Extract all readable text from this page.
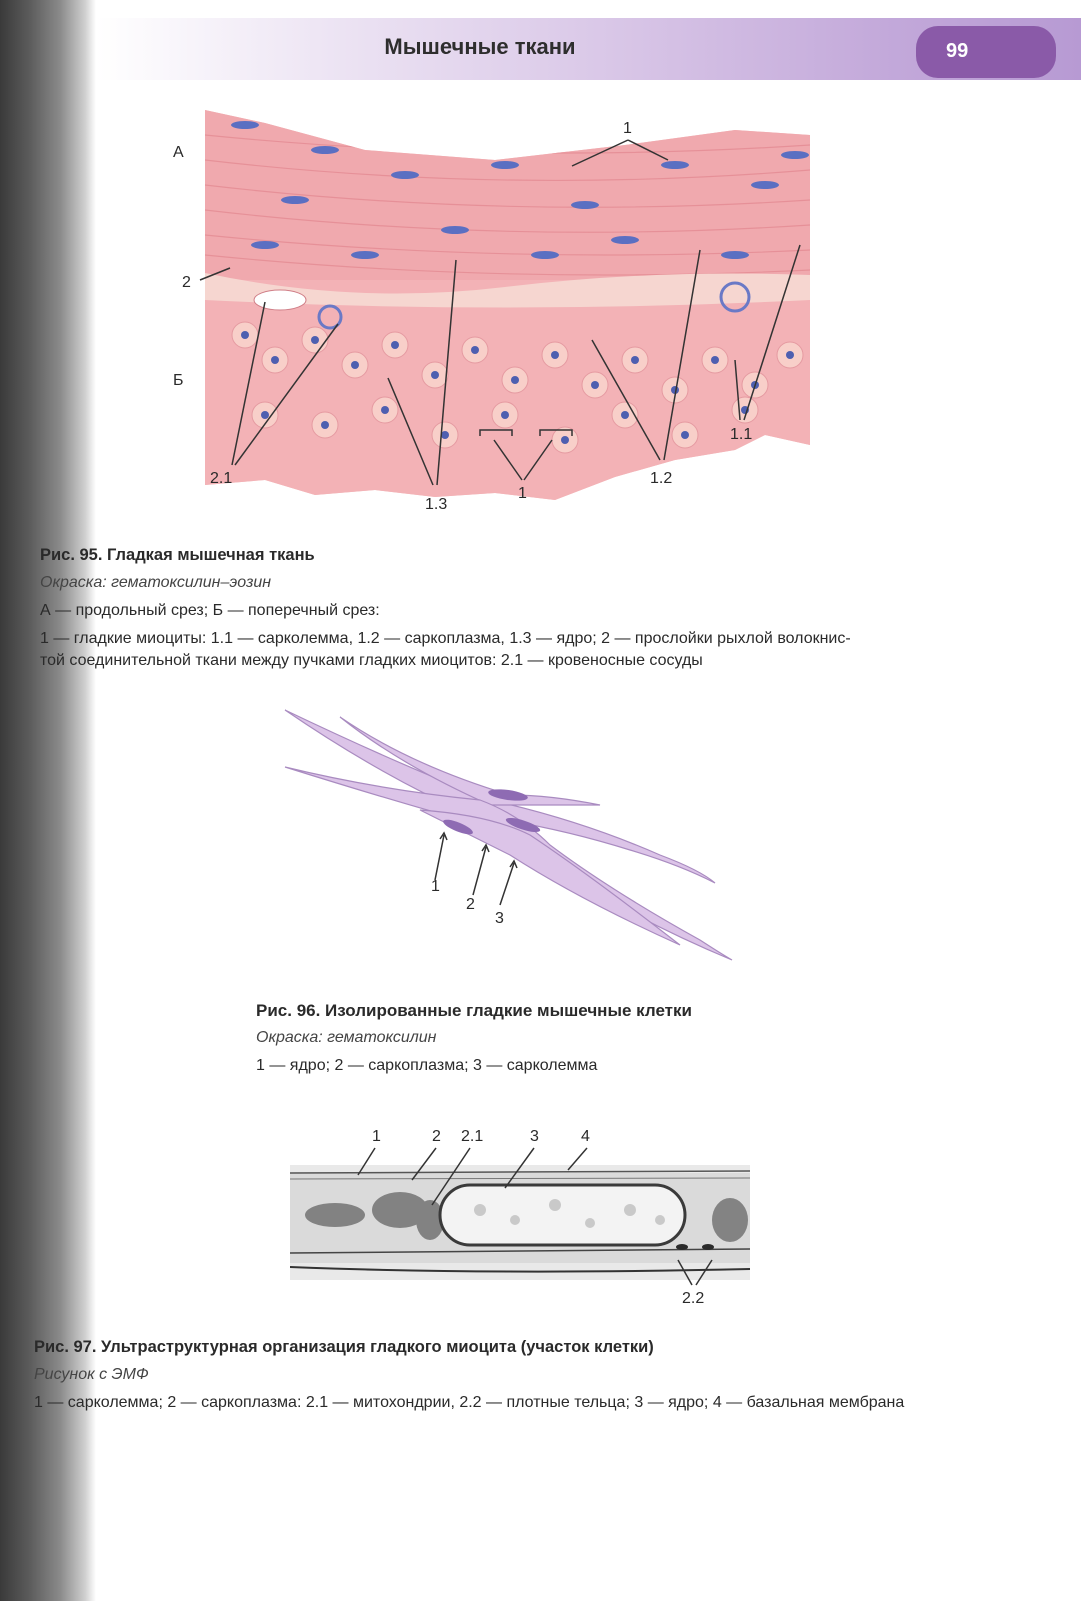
Мышечные ткани	99
А
Б
1
2
2.1
1.3
1
1.2
1.1
Рис. 95. Гладкая мышечная ткань
Окраска: гематоксилин–эозин
А — продольный срез; Б — поперечный срез:
1 — гладкие миоциты: 1.1 — сарколемма, 1.2 — саркоплазма, 1.3 — ядро; 2 — прослойки рыхлой волокнис-
той соединительной ткани между пучками гладких миоцитов: 2.1 — кровеносные сосуды
1
2
3
Рис. 96. Изолированные гладкие мышечные клетки
Окраска: гематоксилин
1 — ядро; 2 — саркоплазма; 3 — сарколемма
1	2 2.1	3	4
2.2
Рис. 97. Ультраструктурная организация гладкого миоцита (участок клетки)
Рисунок с ЭМФ
1 — сарколемма; 2 — саркоплазма: 2.1 — митохондрии, 2.2 — плотные тельца; 3 — ядро; 4 — базальная мембрана
